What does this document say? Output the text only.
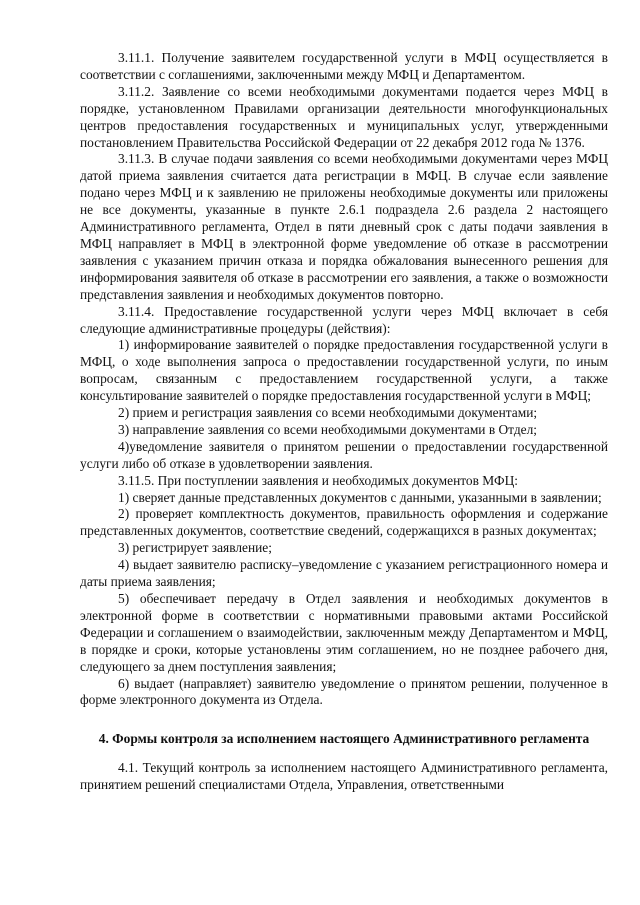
3.11.1. Получение заявителем государственной услуги в МФЦ осуществляется в соответствии с соглашениями, заключенными между МФЦ и Департаментом.

3.11.2. Заявление со всеми необходимыми документами подается через МФЦ в порядке, установленном Правилами организации деятельности многофункциональных центров предоставления государственных и муниципальных услуг, утвержденными постановлением Правительства Российской Федерации от 22 декабря 2012 года № 1376.

3.11.3. В случае подачи заявления со всеми необходимыми документами через МФЦ датой приема заявления считается дата регистрации в МФЦ. В случае если заявление подано через МФЦ и к заявлению не приложены необходимые документы или приложены не все документы, указанные в пункте 2.6.1 подраздела 2.6 раздела 2 настоящего Административного регламента, Отдел в пяти дневный срок с даты подачи заявления в МФЦ направляет в МФЦ в электронной форме уведомление об отказе в рассмотрении заявления с указанием причин отказа и порядка обжалования вынесенного решения для информирования заявителя об отказе в рассмотрении его заявления, а также о возможности представления заявления и необходимых документов повторно.

3.11.4. Предоставление государственной услуги через МФЦ включает в себя следующие административные процедуры (действия):

1) информирование заявителей о порядке предоставления государственной услуги в МФЦ, о ходе выполнения запроса о предоставлении государственной услуги, по иным вопросам, связанным с предоставлением государственной услуги, а также консультирование заявителей о порядке предоставления государственной услуги в МФЦ;

2) прием и регистрация заявления со всеми необходимыми документами;

3) направление заявления со всеми необходимыми документами в Отдел;

4)уведомление заявителя о принятом решении о предоставлении государственной услуги либо об отказе в удовлетворении заявления.

3.11.5. При поступлении заявления и необходимых документов МФЦ:

1) сверяет данные представленных документов с данными, указанными в заявлении;

2) проверяет комплектность документов, правильность оформления и содержание представленных документов, соответствие сведений, содержащихся в разных документах;

3) регистрирует заявление;

4) выдает заявителю расписку–уведомление с указанием регистрационного номера и даты приема заявления;

5) обеспечивает передачу в Отдел заявления и необходимых документов в электронной форме в соответствии с нормативными правовыми актами Российской Федерации и соглашением о взаимодействии, заключенным между Департаментом и МФЦ, в порядке и сроки, которые установлены этим соглашением, но не позднее рабочего дня, следующего за днем поступления заявления;

6) выдает (направляет) заявителю уведомление о принятом решении, полученное в форме электронного документа из Отдела.

4. Формы контроля за исполнением настоящего Административного регламента

4.1. Текущий контроль за исполнением настоящего Административного регламента, принятием решений специалистами Отдела, Управления, ответственными
